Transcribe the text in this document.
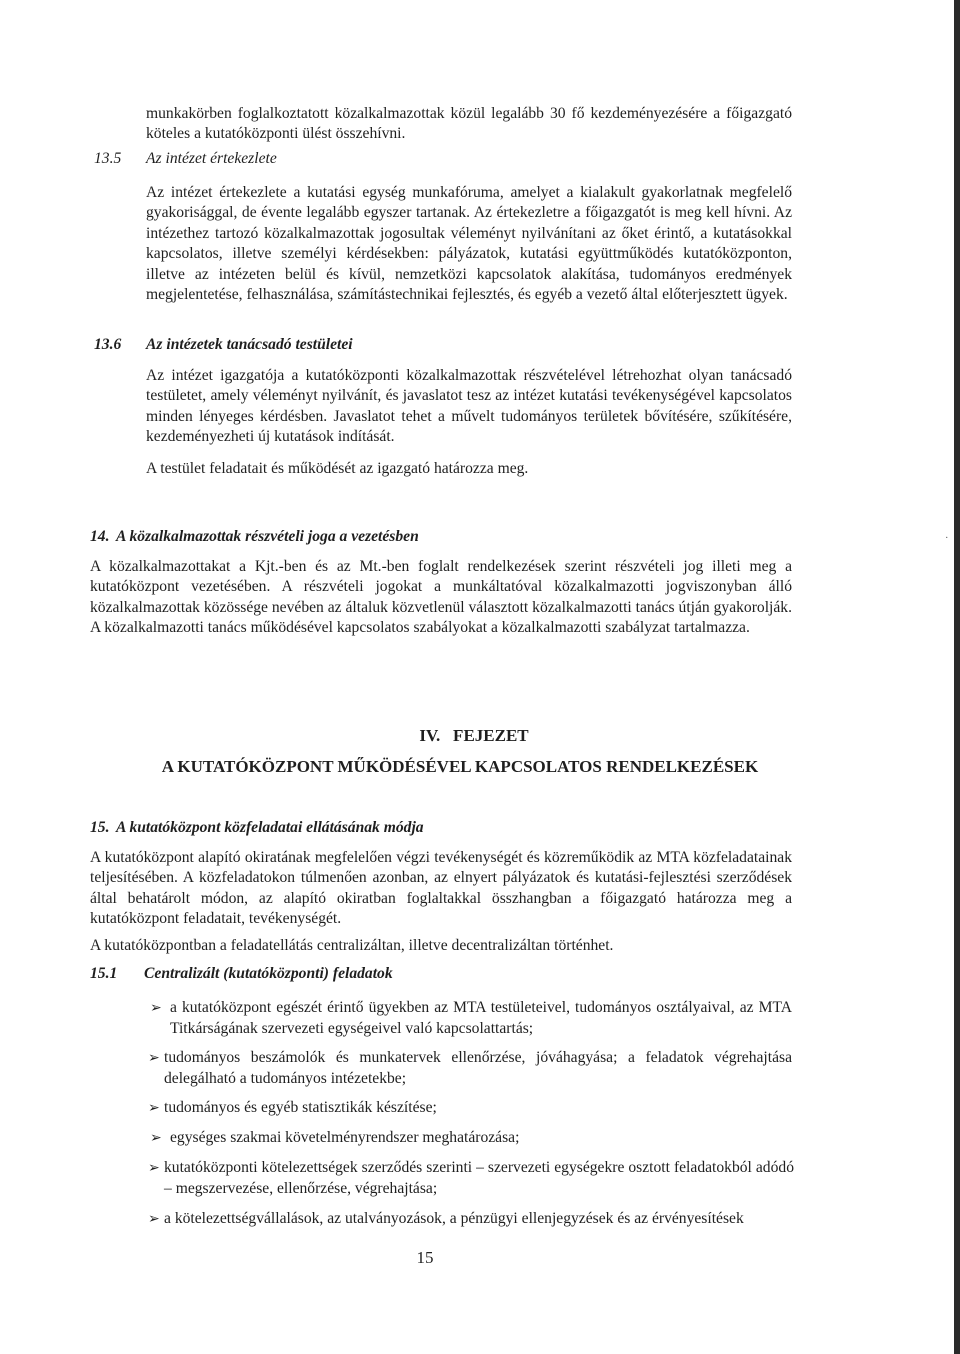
munkakörben foglalkoztatott közalkalmazottak közül legalább 30 fő kezdeményezésére a főigazgató köteles a kutatóközponti ülést összehívni.

13.5 Az intézet értekezlete

Az intézet értekezlete a kutatási egység munkafóruma, amelyet a kialakult gyakorlatnak megfelelő gyakorisággal, de évente legalább egyszer tartanak. Az értekezletre a főigazgatót is meg kell hívni. Az intézethez tartozó közalkalmazottak jogosultak véleményt nyilvánítani az őket érintő, a kutatásokkal kapcsolatos, illetve személyi kérdésekben: pályázatok, kutatási együttműködés kutatóközponton, illetve az intézeten belül és kívül, nemzetközi kapcsolatok alakítása, tudományos eredmények megjelentetése, felhasználása, számítástechnikai fejlesztés, és egyéb a vezető által előterjesztett ügyek.

13.6 Az intézetek tanácsadó testületei

Az intézet igazgatója a kutatóközponti közalkalmazottak részvételével létrehozhat olyan tanácsadó testületet, amely véleményt nyilvánít, és javaslatot tesz az intézet kutatási tevékenységével kapcsolatos minden lényeges kérdésben. Javaslatot tehet a művelt tudományos területek bővítésére, szűkítésére, kezdeményezheti új kutatások indítását.

A testület feladatait és működését az igazgató határozza meg.

14. A közalkalmazottak részvételi joga a vezetésben

A közalkalmazottakat a Kjt.-ben és az Mt.-ben foglalt rendelkezések szerint részvételi jog illeti meg a kutatóközpont vezetésében. A részvételi jogokat a munkáltatóval közalkalmazotti jogviszonyban álló közalkalmazottak közössége nevében az általuk közvetlenül választott közalkalmazotti tanács útján gyakorolják. A közalkalmazotti tanács működésével kapcsolatos szabályokat a közalkalmazotti szabályzat tartalmazza.

.
IV.   FEJEZET
A KUTATÓKÖZPONT MŰKÖDÉSÉVEL KAPCSOLATOS RENDELKEZÉSEK
15. A kutatóközpont közfeladatai ellátásának módja

A kutatóközpont alapító okiratának megfelelően végzi tevékenységét és közreműködik az MTA közfeladatainak teljesítésében. A közfeladatokon túlmenően azonban, az elnyert pályázatok és kutatási-fejlesztési szerződések által behatárolt módon, az alapító okiratban foglaltakkal összhangban a főigazgató határozza meg a kutatóközpont feladatait, tevékenységét.

A kutatóközpontban a feladatellátás centralizáltan, illetve decentralizáltan történhet.

15.1 Centralizált (kutatóközponti) feladatok
➢ a kutatóközpont egészét érintő ügyekben az MTA testületeivel, tudományos osztályaival, az MTA Titkárságának szervezeti egységeivel való kapcsolattartás;

➢ tudományos beszámolók és munkatervek ellenőrzése, jóváhagyása; a feladatok végrehajtása delegálható a tudományos intézetekbe;

➢ tudományos és egyéb statisztikák készítése;

➢ egységes szakmai követelményrendszer meghatározása;

➢ kutatóközponti kötelezettségek szerződés szerinti – szervezeti egységekre osztott feladatokból adódó – megszervezése, ellenőrzése, végrehajtása;

➢ a kötelezettségvállalások, az utalványozások, a pénzügyi ellenjegyzések és az érvényesítések

15
